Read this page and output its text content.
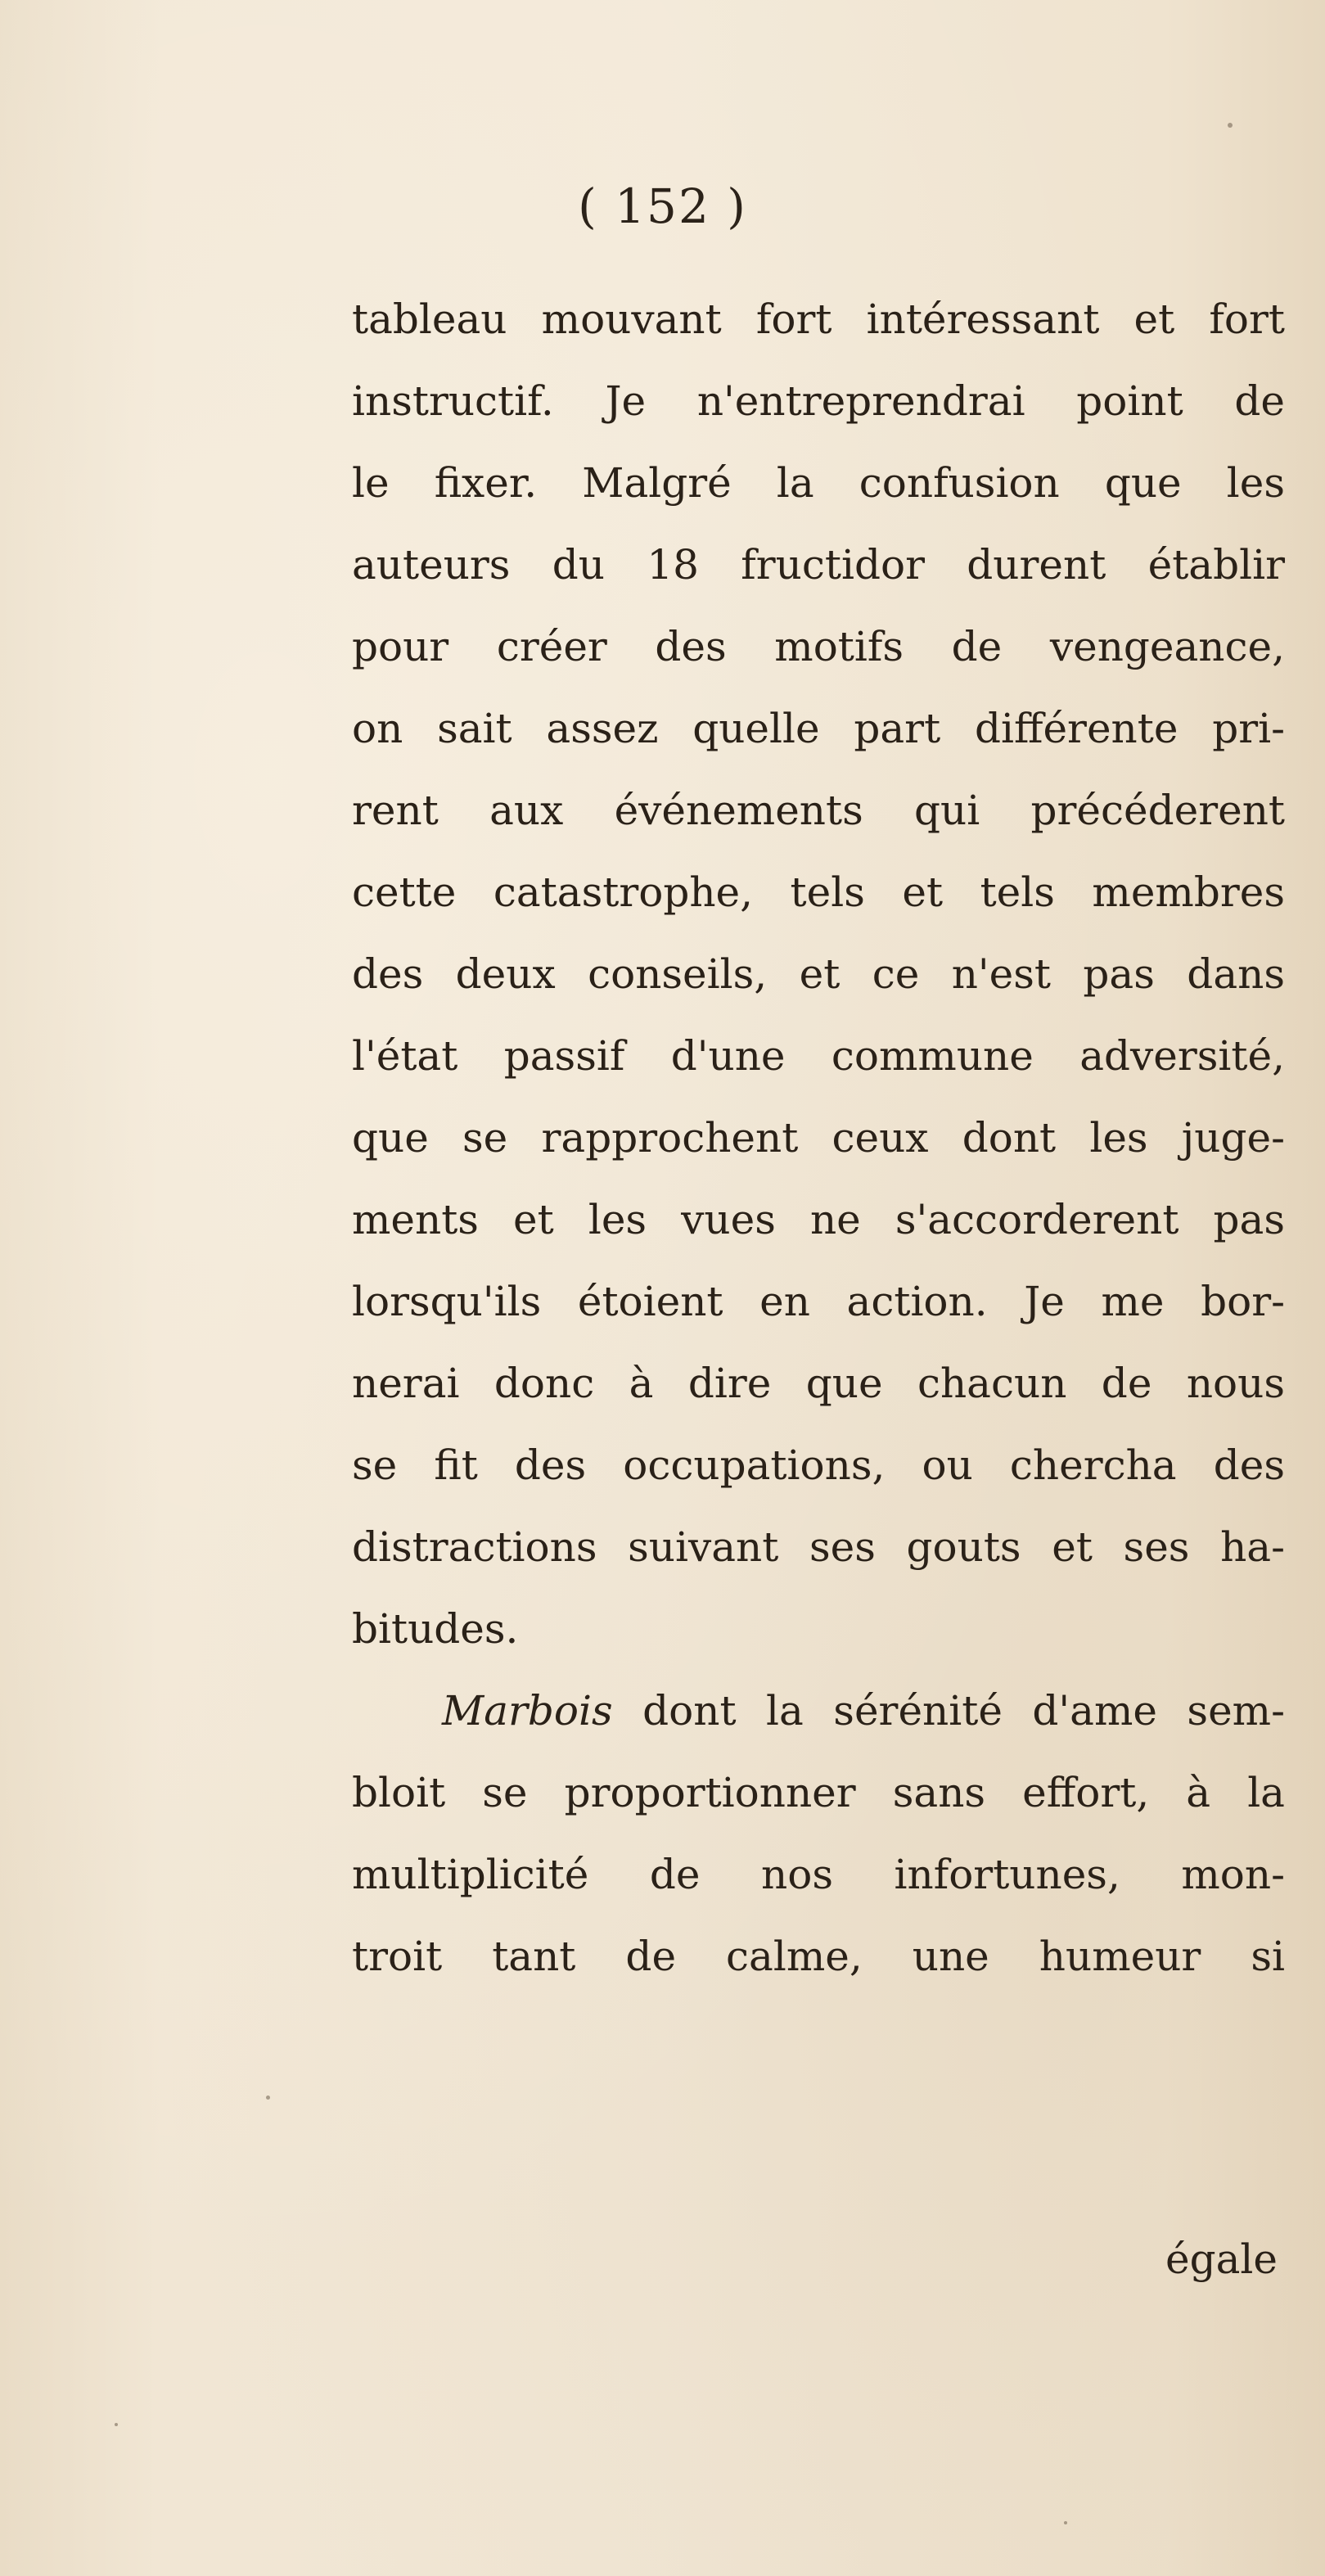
( 152 )
tableau mouvant fort intéressant et fort
instructif. Je n'entreprendrai point de
le fixer. Malgré la confusion que les
auteurs du 18 fructidor durent établir
pour créer des motifs de vengeance,
on sait assez quelle part différente pri-
rent aux événements qui précéderent
cette catastrophe, tels et tels membres
des deux conseils, et ce n'est pas dans
l'état passif d'une commune adversité,
que se rapprochent ceux dont les juge-
ments et les vues ne s'accorderent pas
lorsqu'ils étoient en action. Je me bor-
nerai donc à dire que chacun de nous
se fit des occupations, ou chercha des
distractions suivant ses gouts et ses ha-
bitudes.
Marbois dont la sérénité d'ame sem-
bloit se proportionner sans effort, à la
multiplicité de nos infortunes, mon-
troit tant de calme, une humeur si
égale
